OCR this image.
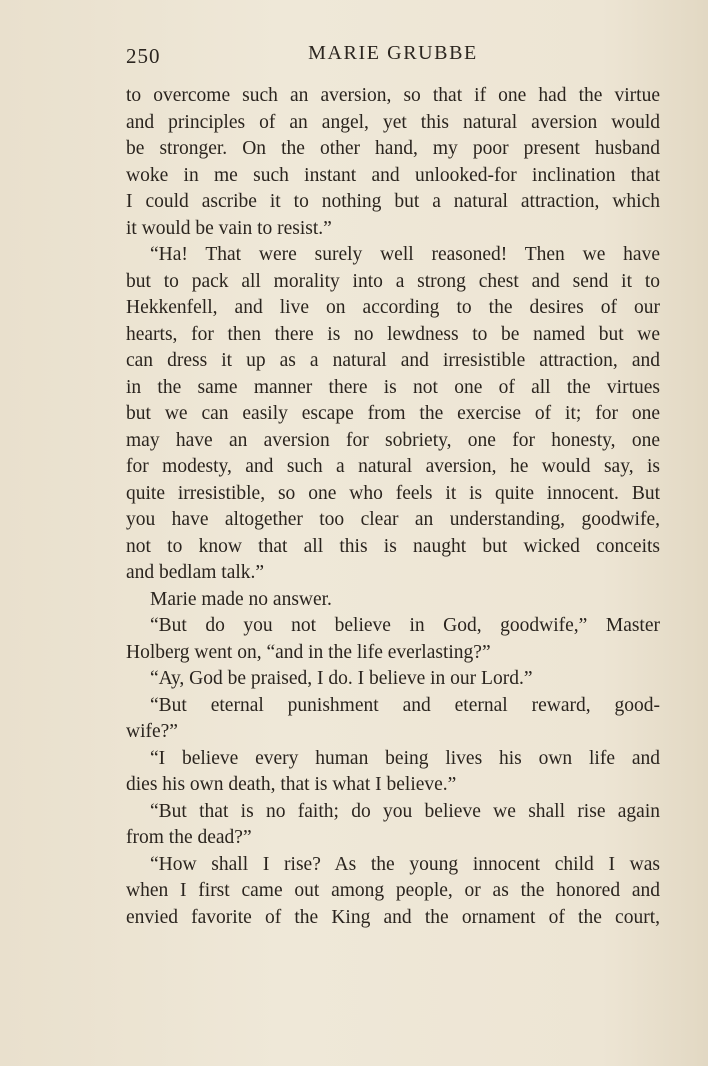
250	MARIE GRUBBE
to overcome such an aversion, so that if one had the virtue
and principles of an angel, yet this natural aversion would
be stronger. On the other hand, my poor present husband
woke in me such instant and unlooked-for inclination that
I could ascribe it to nothing but a natural attraction, which
it would be vain to resist.”
“Ha! That were surely well reasoned! Then we have
but to pack all morality into a strong chest and send it to
Hekkenfell, and live on according to the desires of our
hearts, for then there is no lewdness to be named but we
can dress it up as a natural and irresistible attraction, and
in the same manner there is not one of all the virtues
but we can easily escape from the exercise of it; for one
may have an aversion for sobriety, one for honesty, one
for modesty, and such a natural aversion, he would say, is
quite irresistible, so one who feels it is quite innocent. But
you have altogether too clear an understanding, goodwife,
not to know that all this is naught but wicked conceits
and bedlam talk.”
Marie made no answer.
“But do you not believe in God, goodwife,” Master
Holberg went on, “and in the life everlasting?”
“Ay, God be praised, I do. I believe in our Lord.”
“But eternal punishment and eternal reward, good-
wife?”
“I believe every human being lives his own life and
dies his own death, that is what I believe.”
“But that is no faith; do you believe we shall rise again
from the dead?”
“How shall I rise? As the young innocent child I was
when I first came out among people, or as the honored and
envied favorite of the King and the ornament of the court,
